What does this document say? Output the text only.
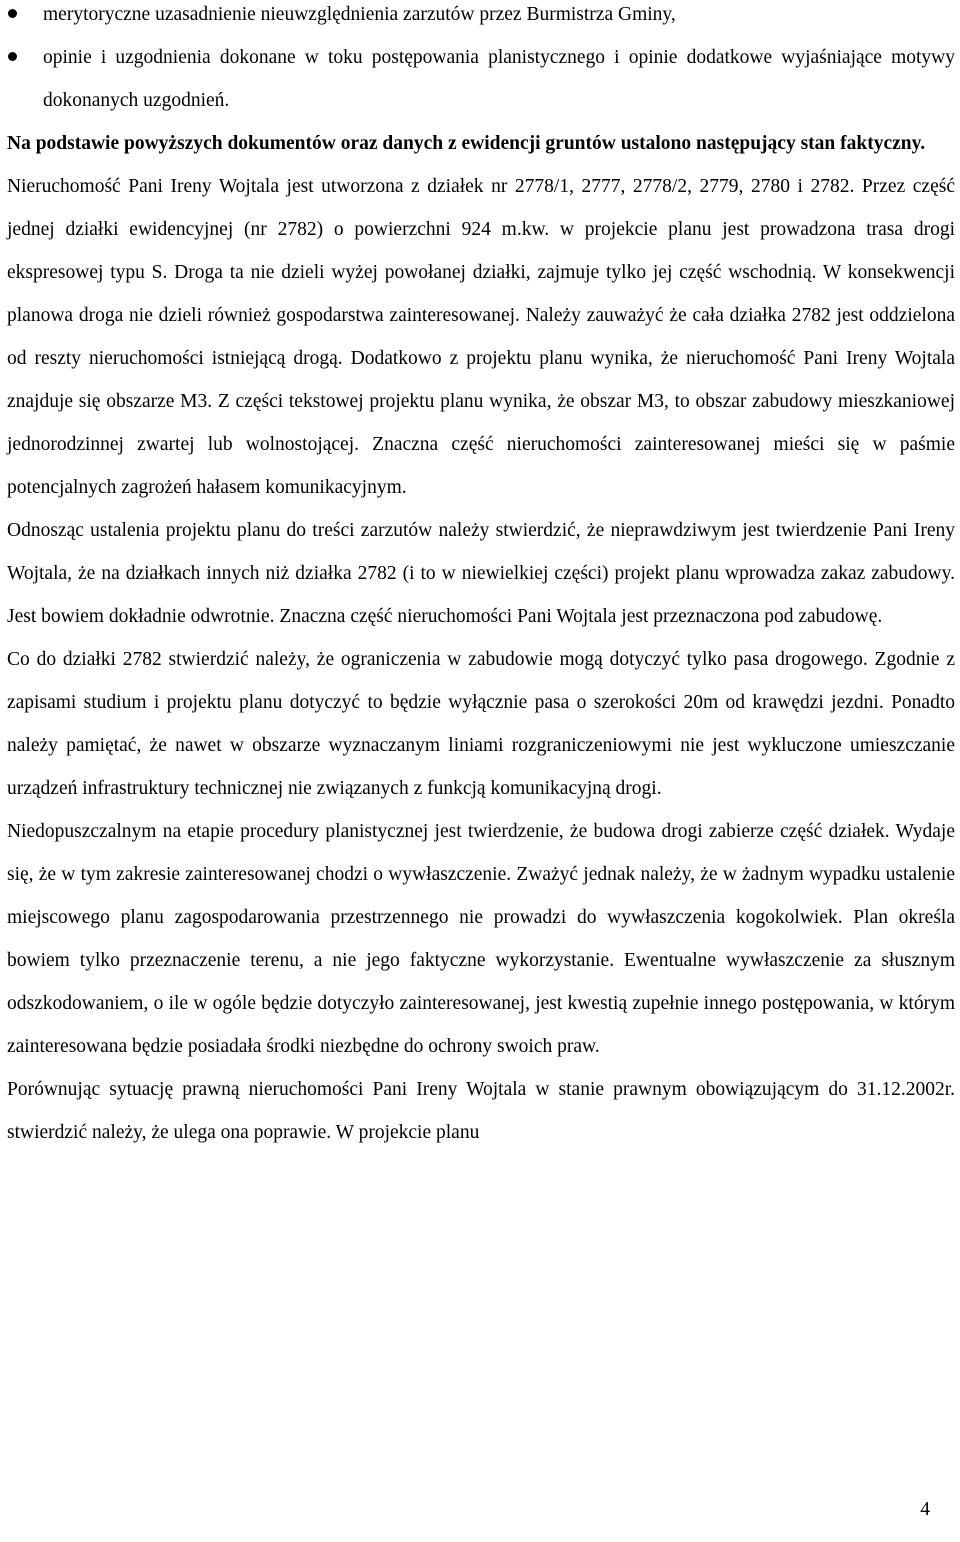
merytoryczne uzasadnienie nieuwzględnienia zarzutów przez Burmistrza Gminy,
opinie i uzgodnienia dokonane w toku postępowania planistycznego i opinie dodatkowe wyjaśniające motywy dokonanych uzgodnień.

Na podstawie powyższych dokumentów oraz danych z ewidencji gruntów ustalono następujący stan faktyczny.

Nieruchomość Pani Ireny Wojtala jest utworzona z działek nr 2778/1, 2777, 2778/2, 2779, 2780 i 2782. Przez część jednej działki ewidencyjnej (nr 2782) o powierzchni 924 m.kw. w projekcie planu jest prowadzona trasa drogi ekspresowej typu S. Droga ta nie dzieli wyżej powołanej działki, zajmuje tylko jej część wschodnią. W konsekwencji planowa droga nie dzieli również gospodarstwa zainteresowanej. Należy zauważyć że cała działka 2782 jest oddzielona od reszty nieruchomości istniejącą drogą. Dodatkowo z projektu planu wynika, że nieruchomość Pani Ireny Wojtala znajduje się obszarze M3. Z części tekstowej projektu planu wynika, że obszar M3, to obszar zabudowy mieszkaniowej jednorodzinnej zwartej lub wolnostojącej. Znaczna część nieruchomości zainteresowanej mieści się w paśmie potencjalnych zagrożeń hałasem komunikacyjnym.

Odnosząc ustalenia projektu planu do treści zarzutów należy stwierdzić, że nieprawdziwym jest twierdzenie Pani Ireny Wojtala, że na działkach innych niż działka 2782 (i to w niewielkiej części) projekt planu wprowadza zakaz zabudowy. Jest bowiem dokładnie odwrotnie. Znaczna część nieruchomości Pani Wojtala jest przeznaczona pod zabudowę.

Co do działki 2782 stwierdzić należy, że ograniczenia w zabudowie mogą dotyczyć tylko pasa drogowego. Zgodnie z zapisami studium i projektu planu dotyczyć to będzie wyłącznie pasa o szerokości 20m od krawędzi jezdni. Ponadto należy pamiętać, że nawet w obszarze wyznaczanym liniami rozgraniczeniowymi nie jest wykluczone umieszczanie urządzeń infrastruktury technicznej nie związanych z funkcją komunikacyjną drogi.

Niedopuszczalnym na etapie procedury planistycznej jest twierdzenie, że budowa drogi zabierze część działek. Wydaje się, że w tym zakresie zainteresowanej chodzi o wywłaszczenie. Zważyć jednak należy, że w żadnym wypadku ustalenie miejscowego planu zagospodarowania przestrzennego nie prowadzi do wywłaszczenia kogokolwiek. Plan określa bowiem tylko przeznaczenie terenu, a nie jego faktyczne wykorzystanie. Ewentualne wywłaszczenie za słusznym odszkodowaniem, o ile w ogóle będzie dotyczyło zainteresowanej, jest kwestią zupełnie innego postępowania, w którym zainteresowana będzie posiadała środki niezbędne do ochrony swoich praw.

Porównując sytuację prawną nieruchomości Pani Ireny Wojtala w stanie prawnym obowiązującym do 31.12.2002r. stwierdzić należy, że ulega ona poprawie. W projekcie planu

4
